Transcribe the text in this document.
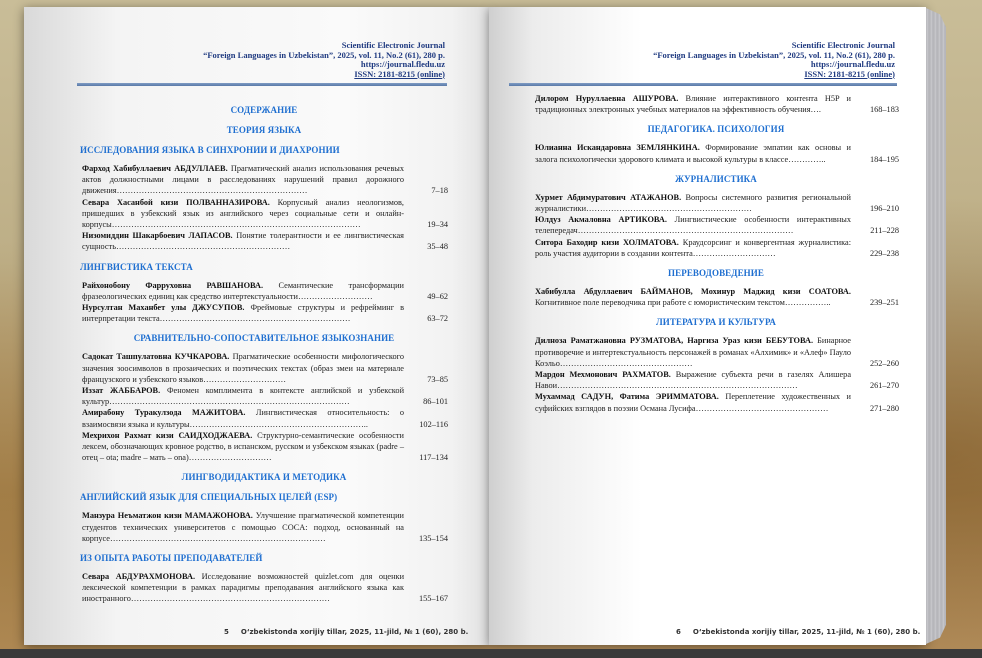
Scientific Electronic Journal
“Foreign Languages in Uzbekistan”, 2025, vol. 11, No.2 (61), 280 p.
https://journal.fledu.uz
ISSN: 2181-8215 (online)
СОДЕРЖАНИЕ
ТЕОРИЯ ЯЗЫКА
ИССЛЕДОВАНИЯ ЯЗЫКА В СИНХРОНИИ И ДИАХРОНИИ
Фарход Хабибуллаевич АБДУЛЛАЕВ. Прагматический анализ использования речевых актов должностными лицами в расследованиях нарушений правил дорожного движения……………………………………………………………	7–18
Севара Хасанбой кизи ПОЛВАННАЗИРОВА. Корпусный анализ неологизмов, пришедших в узбекский язык из английского через социальные сети и онлайн-корпусы………………………………………………………………………………	19–34
Низомиддин Шакарбоевич ЛАПАСОВ. Понятие толерантности и ее лингвистическая сущность………………………………………………………	35–48
ЛИНГВИСТИКА ТЕКСТА
Райхонобону Фарруховна РАВШАНОВА. Семантические трансформации фразеологических единиц как средство интертекстуальности………………………	49–62
Нурсултан Маханбет улы ДЖУСУПОВ. Фреймовые структуры и рефрейминг в интерпретации текста……………………………………………………………	63–72
СРАВНИТЕЛЬНО-СОПОСТАВИТЕЛЬНОЕ ЯЗЫКОЗНАНИЕ
Садокат Ташпулатовна КУЧКАРОВА. Прагматические особенности мифологического значения зоосимволов в прозаических и поэтических текстах (образ змеи на материале французского и узбекского языков…………………………	73–85
Иззат ЖАББАРОВ. Феномен комплимента в контексте английской и узбекской культур……………………………………………………………………………	86–101
Амирабону Туракулзода МАЖИТОВА. Лингвистическая относительность: о взаимосвязи языка и культуры………………………………………………………..	102–116
Мехрихон Рахмат кизи САИДХОДЖАЕВА. Структурно-семантические особенности лексем, обозначающих кровное родство, в испанском, русском и узбекском языках (padre – отец – ota; madre – мать – ona)…………………………	117–134
ЛИНГВОДИДАКТИКА И МЕТОДИКА
АНГЛИЙСКИЙ ЯЗЫК ДЛЯ СПЕЦИАЛЬНЫХ ЦЕЛЕЙ (ESP)
Манзура Неъматжон кизи МАМАЖОНОВА. Улучшение прагматической компетенции студентов технических университетов с помощью COCA: подход, основанный на корпусе……………………………………………………………………	135–154
ИЗ ОПЫТА РАБОТЫ ПРЕПОДАВАТЕЛЕЙ
Севара АБДУРАХМОНОВА. Исследование возможностей quizlet.com для оценки лексической компетенции в рамках парадигмы преподавания английского языка как иностранного………………………………………………………………	155–167
5 O‘zbekistonda xorijiy tillar, 2025, 11-jild, № 1 (60), 280 b.
Scientific Electronic Journal
“Foreign Languages in Uzbekistan”, 2025, vol. 11, No.2 (61), 280 p.
https://journal.fledu.uz
ISSN: 2181-8215 (online)
Дилором Нуруллаевна АШУРОВА. Влияние интерактивного контента H5P и традиционных электронных учебных материалов на эффективность обучения….	168–183
ПЕДАГОГИКА. ПСИХОЛОГИЯ
Юлианна Искандаровна ЗЕМЛЯНКИНА. Формирование эмпатии как основы и залога психологически здорового климата и высокой культуры в классе…………..	184–195
ЖУРНАЛИСТИКА
Хурмет Абдимуратович АТАЖАНОВ. Вопросы системного развития региональной журналистики……………………………………………………	196–210
Юлдуз Акмаловна АРТИКОВА. Лингвистические особенности интерактивных телепередач……………………………………………………………………	211–228
Ситора Баходир кизи ХОЛМАТОВА. Краудсорсинг и конвергентная журналистика: роль участия аудитории в создании контента…………………………	229–238
ПЕРЕВОДОВЕДЕНИЕ
Хабибулла Абдуллаевич БАЙМАНОВ, Мохинур Маджид кизи СОАТОВА. Когнитивное поле переводчика при работе с юмористическим текстом……………..	239–251
ЛИТЕРАТУРА И КУЛЬТУРА
Дилноза Раматжановна РУЗМАТОВА, Наргиза Ураз кизи БЕБУТОВА. Бинарное противоречие и интертекстуальность персонажей в романах «Алхимик» и «Алеф» Пауло Коэльо…………………………………………	252–260
Мардон Мехмонович РАХМАТОВ. Выражение субъекта речи в газелях Алишера Навои……………………………………………………………………………	261–270
Мухаммад САДУН, Фатима ЭРИММАТОВА. Переплетение художественных и суфийских взглядов в поэзии Османа Лусифа…………………………………………	271–280
6 O‘zbekistonda xorijiy tillar, 2025, 11-jild, № 1 (60), 280 b.
